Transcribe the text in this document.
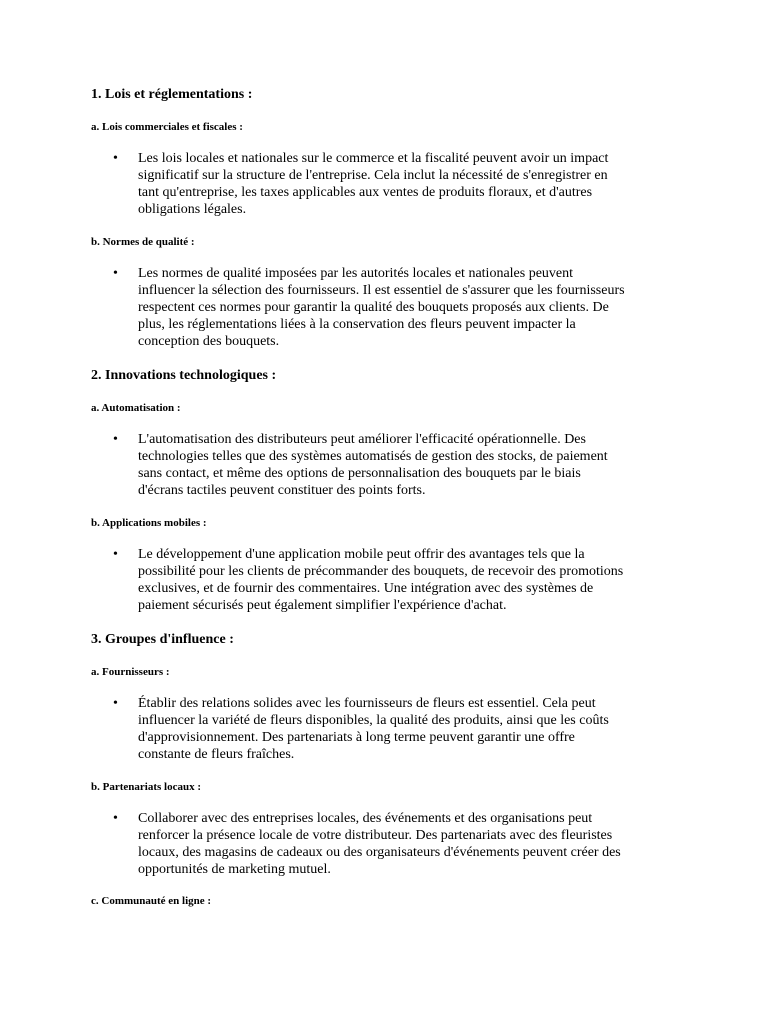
1. Lois et réglementations :
a. Lois commerciales et fiscales :
• Les lois locales et nationales sur le commerce et la fiscalité peuvent avoir un impact
significatif sur la structure de l'entreprise. Cela inclut la nécessité de s'enregistrer en
tant qu'entreprise, les taxes applicables aux ventes de produits floraux, et d'autres
obligations légales.
b. Normes de qualité :
• Les normes de qualité imposées par les autorités locales et nationales peuvent
influencer la sélection des fournisseurs. Il est essentiel de s'assurer que les fournisseurs
respectent ces normes pour garantir la qualité des bouquets proposés aux clients. De
plus, les réglementations liées à la conservation des fleurs peuvent impacter la
conception des bouquets.
2. Innovations technologiques :
a. Automatisation :
• L'automatisation des distributeurs peut améliorer l'efficacité opérationnelle. Des
technologies telles que des systèmes automatisés de gestion des stocks, de paiement
sans contact, et même des options de personnalisation des bouquets par le biais
d'écrans tactiles peuvent constituer des points forts.
b. Applications mobiles :
• Le développement d'une application mobile peut offrir des avantages tels que la
possibilité pour les clients de précommander des bouquets, de recevoir des promotions
exclusives, et de fournir des commentaires. Une intégration avec des systèmes de
paiement sécurisés peut également simplifier l'expérience d'achat.
3. Groupes d'influence :
a. Fournisseurs :
• Établir des relations solides avec les fournisseurs de fleurs est essentiel. Cela peut
influencer la variété de fleurs disponibles, la qualité des produits, ainsi que les coûts
d'approvisionnement. Des partenariats à long terme peuvent garantir une offre
constante de fleurs fraîches.
b. Partenariats locaux :
• Collaborer avec des entreprises locales, des événements et des organisations peut
renforcer la présence locale de votre distributeur. Des partenariats avec des fleuristes
locaux, des magasins de cadeaux ou des organisateurs d'événements peuvent créer des
opportunités de marketing mutuel.
c. Communauté en ligne :
